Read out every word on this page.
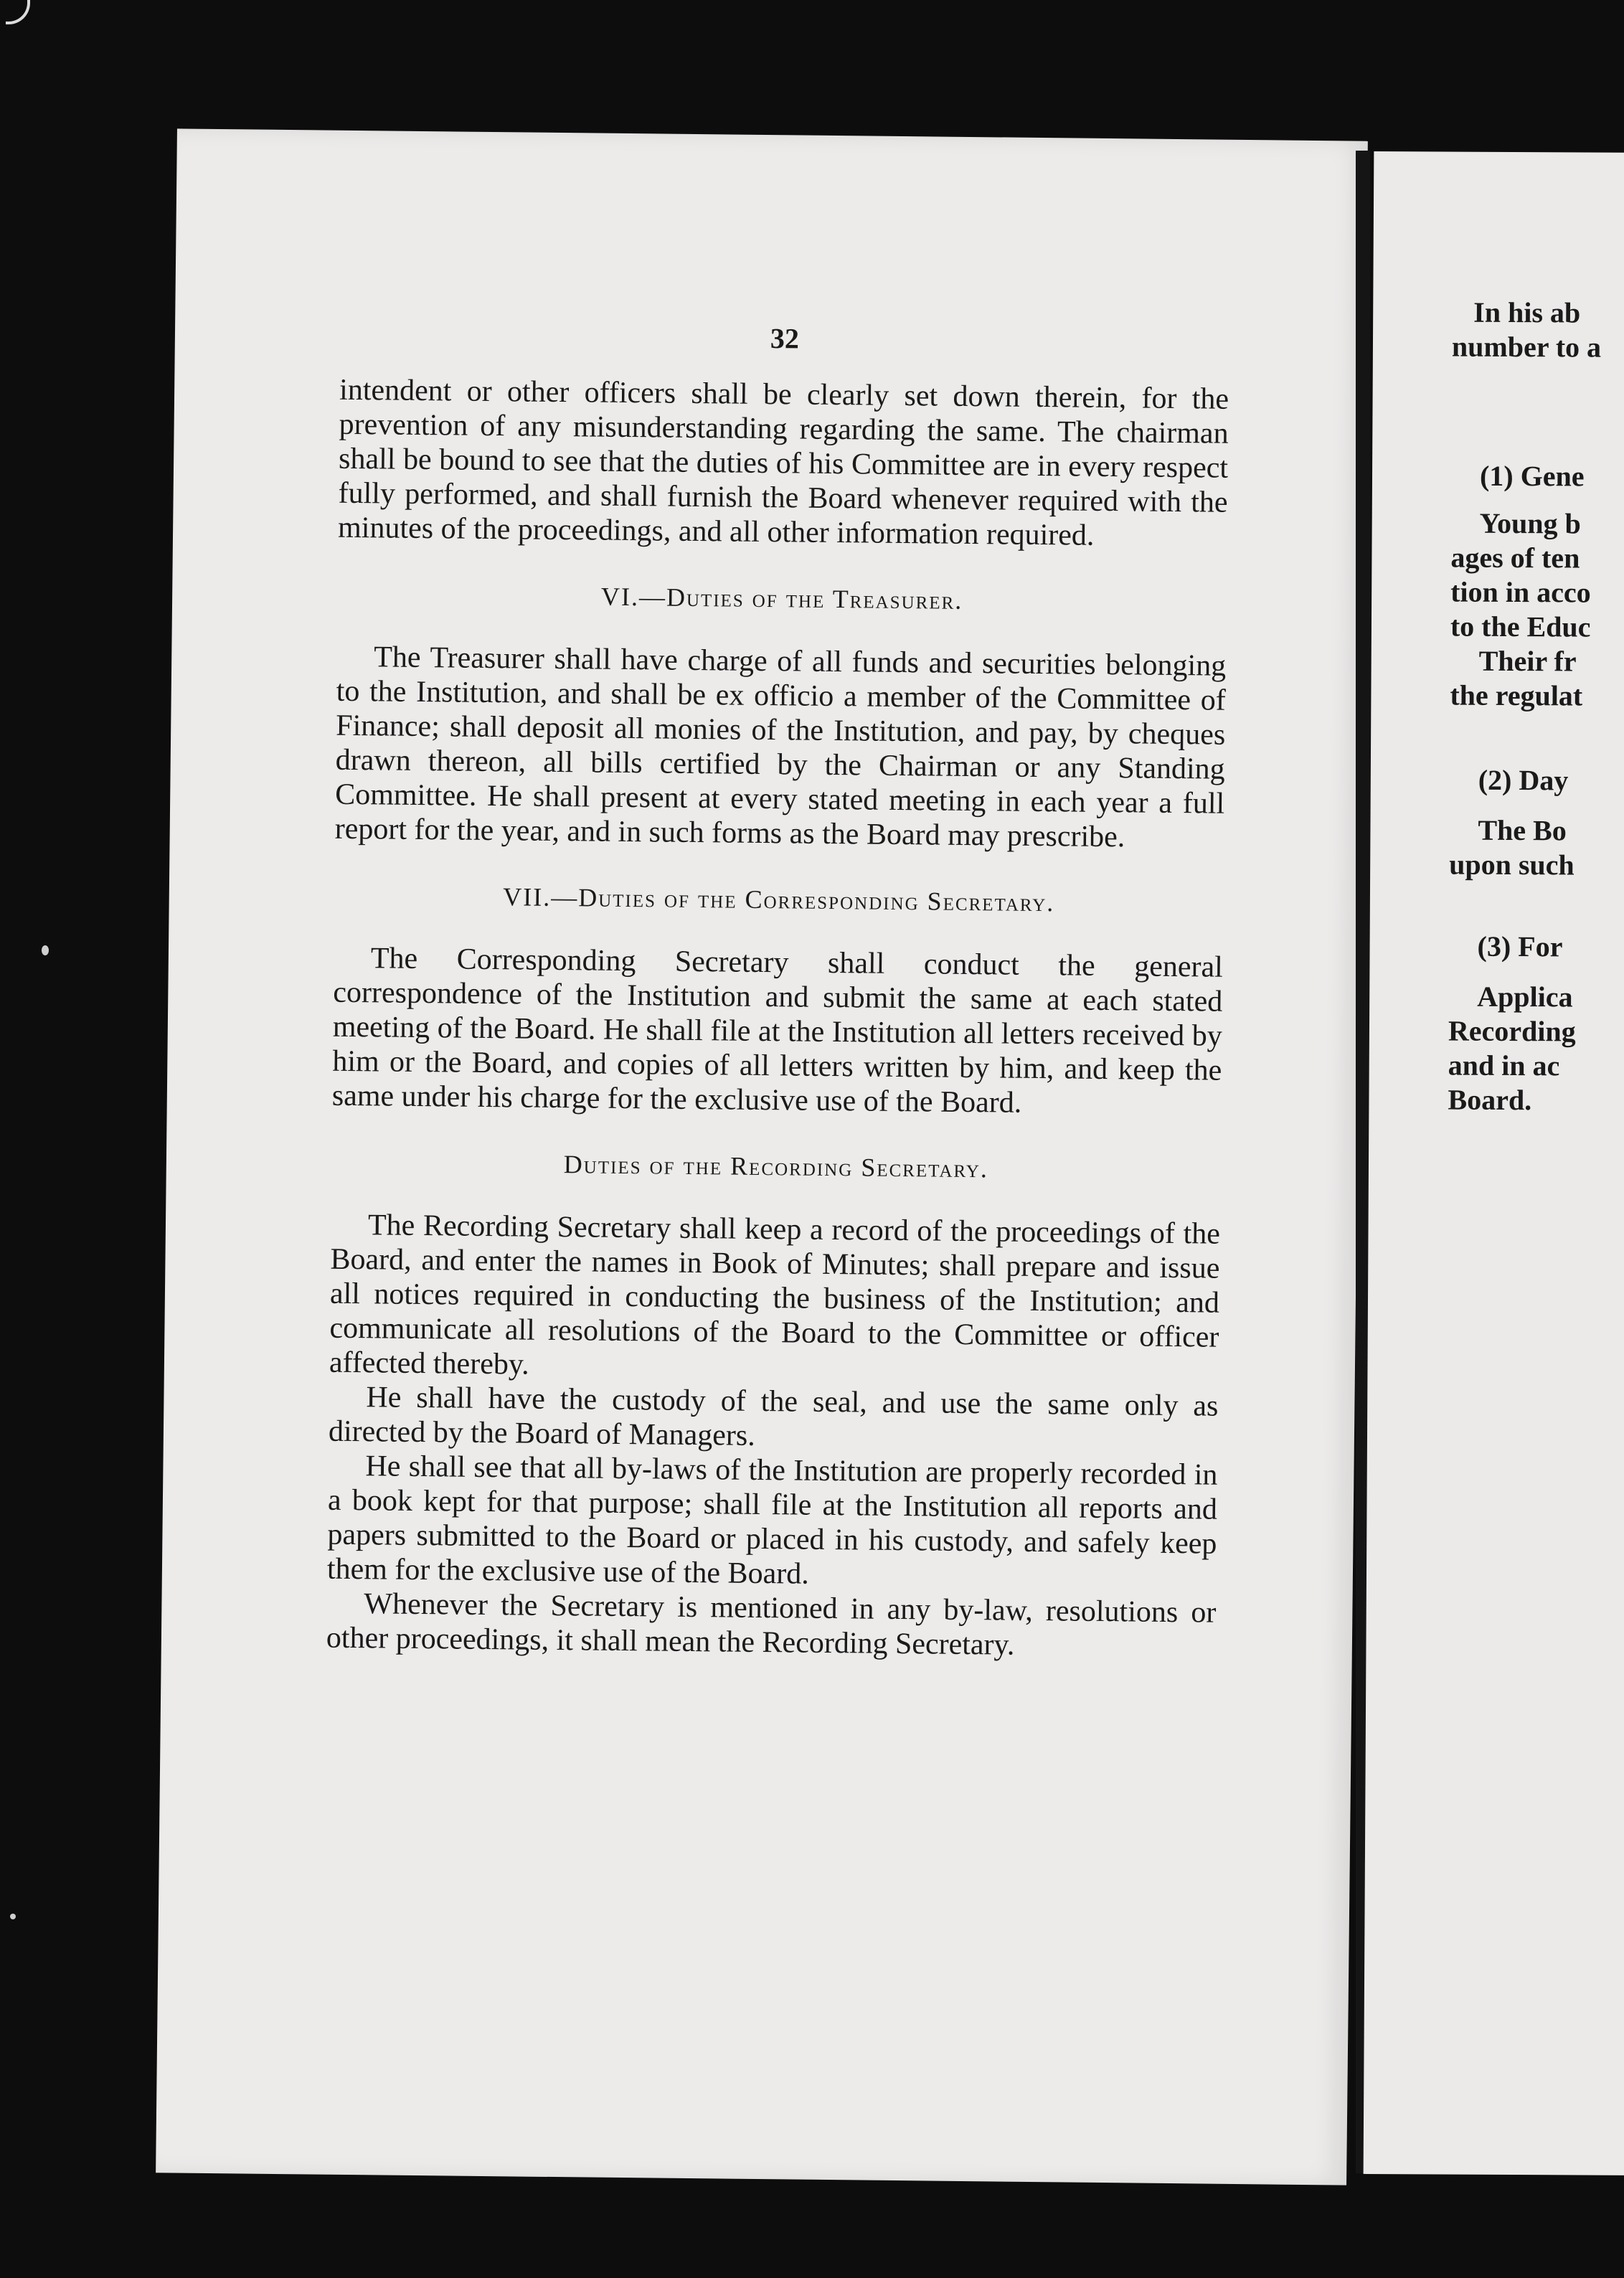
32

intendent or other officers shall be clearly set down therein, for the prevention of any misunderstanding regarding the same. The chairman shall be bound to see that the duties of his Committee are in every respect fully performed, and shall furnish the Board whenever required with the minutes of the proceedings, and all other information required.

VI.—Duties of the Treasurer.

The Treasurer shall have charge of all funds and securities belonging to the Institution, and shall be ex officio a member of the Committee of Finance; shall deposit all monies of the Institution, and pay, by cheques drawn thereon, all bills certified by the Chairman or any Standing Committee. He shall present at every stated meeting in each year a full report for the year, and in such forms as the Board may prescribe.

VII.—Duties of the Corresponding Secretary.

The Corresponding Secretary shall conduct the general correspondence of the Institution and submit the same at each stated meeting of the Board. He shall file at the Institution all letters received by him or the Board, and copies of all letters written by him, and keep the same under his charge for the exclusive use of the Board.

Duties of the Recording Secretary.

The Recording Secretary shall keep a record of the proceedings of the Board, and enter the names in Book of Minutes; shall prepare and issue all notices required in conducting the business of the Institution; and communicate all resolutions of the Board to the Committee or officer affected thereby.

He shall have the custody of the seal, and use the same only as directed by the Board of Managers.

He shall see that all by-laws of the Institution are properly recorded in a book kept for that purpose; shall file at the Institution all reports and papers submitted to the Board or placed in his custody, and safely keep them for the exclusive use of the Board.

Whenever the Secretary is mentioned in any by-law, resolutions or other proceedings, it shall mean the Recording Secretary.

In his ab
number to a
(1) Gene
Young b
ages of ten
tion in acco
to the Educ
Their fr
the regulat
(2) Day
The Bo
upon such
(3) For
Applica
Recording
and in ac
Board.
